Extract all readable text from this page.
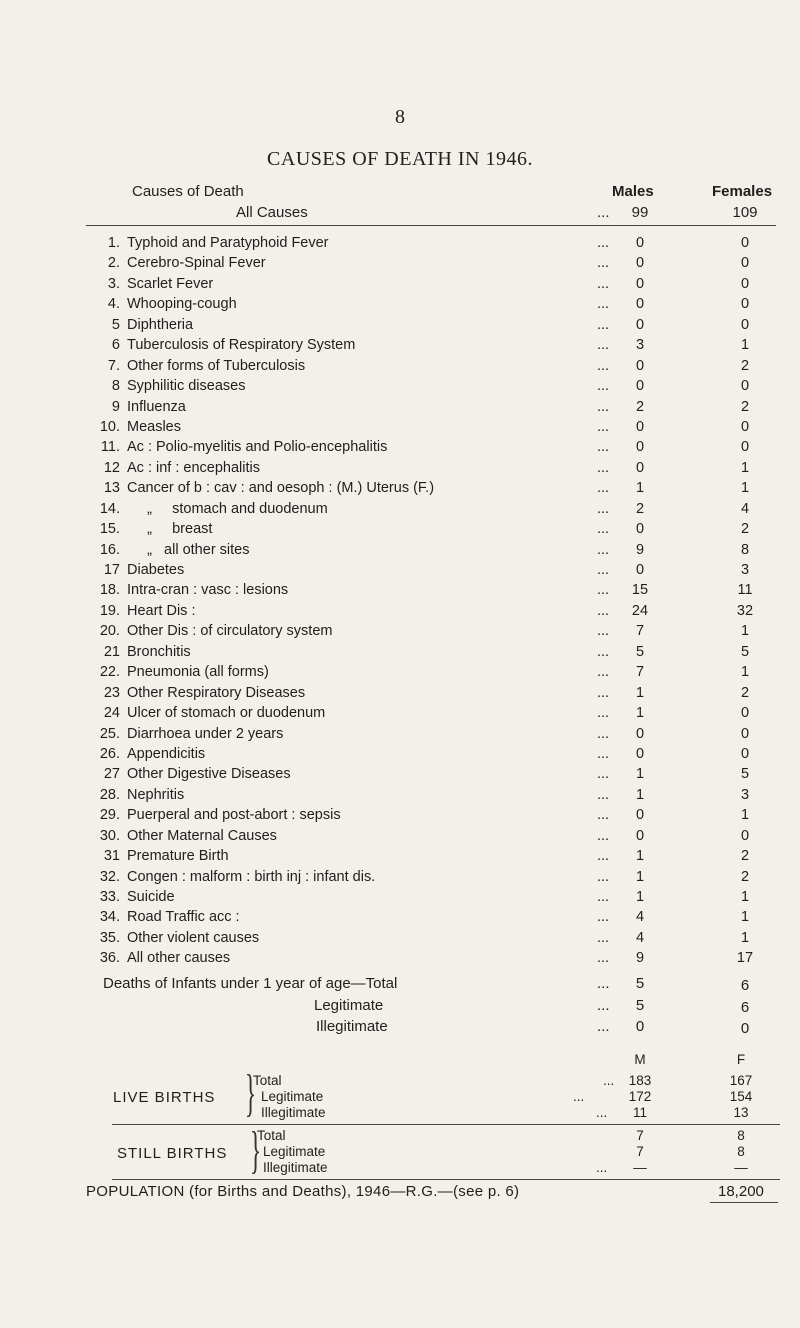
8
CAUSES OF DEATH IN 1946.
Causes of Death	Males	Females
All Causes	...	99	109
1. Typhoid and Paratyphoid Fever	...	0	0
2. Cerebro-Spinal Fever	...	0	0
3. Scarlet Fever	...	0	0
4. Whooping-cough	...	0	0
5 Diphtheria	...	0	0
6 Tuberculosis of Respiratory System	...	3	1
7. Other forms of Tuberculosis	...	0	2
8 Syphilitic diseases	...	0	0
9 Influenza	...	2	2
10. Measles	...	0	0
11. Ac : Polio-myelitis and Polio-encephalitis	...	0	0
12 Ac : inf : encephalitis	...	0	1
13 Cancer of b : cav : and oesoph : (M.) Uterus (F.)	...	1	1
14. „     stomach and duodenum	...	2	4
15. „     breast	...	0	2
16. „   all other sites	...	9	8
17 Diabetes	...	0	3
18. Intra-cran : vasc : lesions	...	15	11
19. Heart Dis :	...	24	32
20. Other Dis : of circulatory system	...	7	1
21 Bronchitis	...	5	5
22. Pneumonia (all forms)	...	7	1
23 Other Respiratory Diseases	...	1	2
24 Ulcer of stomach or duodenum	...	1	0
25. Diarrhoea under 2 years	...	0	0
26. Appendicitis	...	0	0
27 Other Digestive Diseases	...	1	5
28. Nephritis	...	1	3
29. Puerperal and post-abort : sepsis	...	0	1
30. Other Maternal Causes	...	0	0
31 Premature Birth	...	1	2
32. Congen : malform : birth inj : infant dis.	...	1	2
33. Suicide	...	1	1
34. Road Traffic acc :	...	4	1
35. Other violent causes	...	4	1
36. All other causes	...	9	17
Deaths of Infants under 1 year of age—Total	...	5	6
Legitimate	...	5	6
Illegitimate	...	0	0
M	F
LIVE BIRTHS }
Total	...	183	167
Legitimate	...	172	154
Illegitimate	...	11	13
STILL BIRTHS }
Total	7	8
Legitimate	7	8
Illegitimate	...	—	—
POPULATION (for Births and Deaths), 1946—R.G.—(see p. 6)	18,200
